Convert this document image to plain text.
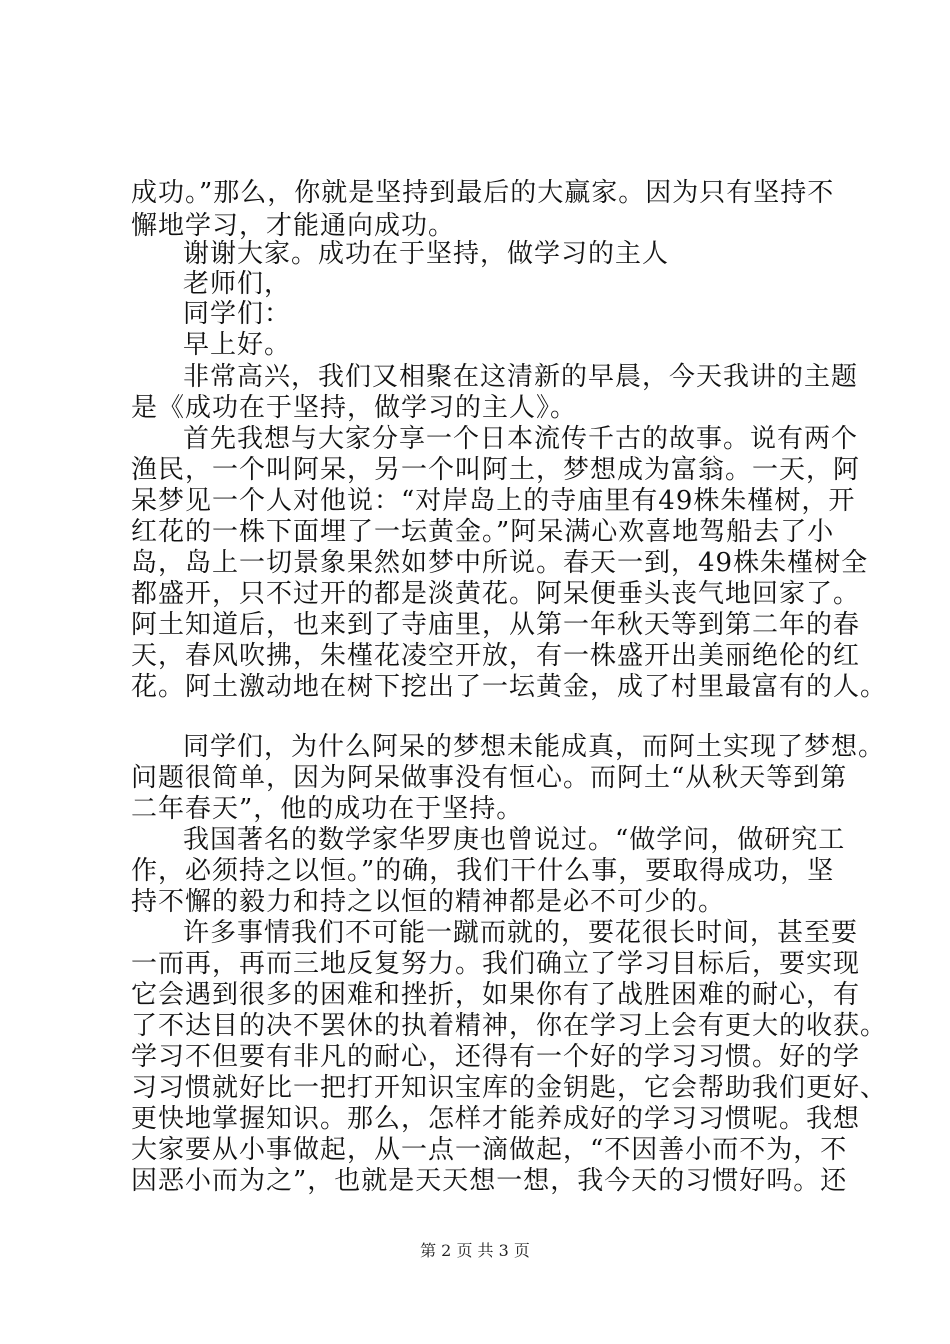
成功。”那么，你就是坚持到最后的大赢家。因为只有坚持不
懈地学习，才能通向成功。
谢谢大家。成功在于坚持，做学习的主人
老师们，
同学们：
早上好。
非常高兴，我们又相聚在这清新的早晨，今天我讲的主题
是《成功在于坚持，做学习的主人》。
首先我想与大家分享一个日本流传千古的故事。说有两个
渔民，一个叫阿呆，另一个叫阿土，梦想成为富翁。一天，阿
呆梦见一个人对他说：“对岸岛上的寺庙里有49株朱槿树，开
红花的一株下面埋了一坛黄金。”阿呆满心欢喜地驾船去了小
岛，岛上一切景象果然如梦中所说。春天一到，49株朱槿树全
都盛开，只不过开的都是淡黄花。阿呆便垂头丧气地回家了。
阿土知道后，也来到了寺庙里，从第一年秋天等到第二年的春
天，春风吹拂，朱槿花凌空开放，有一株盛开出美丽绝伦的红
花。阿土激动地在树下挖出了一坛黄金，成了村里最富有的人。
同学们，为什么阿呆的梦想未能成真，而阿土实现了梦想。
问题很简单，因为阿呆做事没有恒心。而阿土“从秋天等到第
二年春天”，他的成功在于坚持。
我国著名的数学家华罗庚也曾说过。“做学问，做研究工
作，必须持之以恒。”的确，我们干什么事，要取得成功，坚
持不懈的毅力和持之以恒的精神都是必不可少的。
许多事情我们不可能一蹴而就的，要花很长时间，甚至要
一而再，再而三地反复努力。我们确立了学习目标后，要实现
它会遇到很多的困难和挫折，如果你有了战胜困难的耐心，有
了不达目的决不罢休的执着精神，你在学习上会有更大的收获。
学习不但要有非凡的耐心，还得有一个好的学习习惯。好的学
习习惯就好比一把打开知识宝库的金钥匙，它会帮助我们更好、
更快地掌握知识。那么，怎样才能养成好的学习习惯呢。我想
大家要从小事做起，从一点一滴做起，“不因善小而不为，不
因恶小而为之”，也就是天天想一想，我今天的习惯好吗。还
第 2 页 共 3 页
